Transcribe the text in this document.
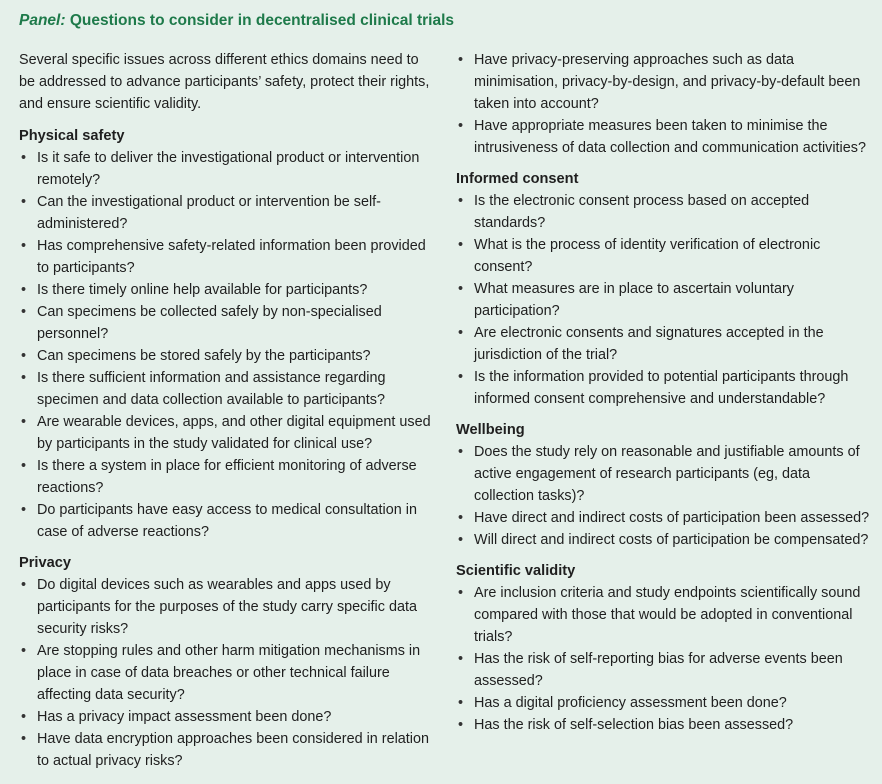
Panel: Questions to consider in decentralised clinical trials

Several specific issues across different ethics domains need to be addressed to advance participants’ safety, protect their rights, and ensure scientific validity.

Physical safety
• Is it safe to deliver the investigational product or intervention remotely?
• Can the investigational product or intervention be self-administered?
• Has comprehensive safety-related information been provided to participants?
• Is there timely online help available for participants?
• Can specimens be collected safely by non-specialised personnel?
• Can specimens be stored safely by the participants?
• Is there sufficient information and assistance regarding specimen and data collection available to participants?
• Are wearable devices, apps, and other digital equipment used by participants in the study validated for clinical use?
• Is there a system in place for efficient monitoring of adverse reactions?
• Do participants have easy access to medical consultation in case of adverse reactions?
Privacy
• Do digital devices such as wearables and apps used by participants for the purposes of the study carry specific data security risks?
• Are stopping rules and other harm mitigation mechanisms in place in case of data breaches or other technical failure affecting data security?
• Has a privacy impact assessment been done?
• Have data encryption approaches been considered in relation to actual privacy risks?
• Have privacy-preserving approaches such as data minimisation, privacy-by-design, and privacy-by-default been taken into account?
• Have appropriate measures been taken to minimise the intrusiveness of data collection and communication activities?
Informed consent
• Is the electronic consent process based on accepted standards?
• What is the process of identity verification of electronic consent?
• What measures are in place to ascertain voluntary participation?
• Are electronic consents and signatures accepted in the jurisdiction of the trial?
• Is the information provided to potential participants through informed consent comprehensive and understandable?
Wellbeing
• Does the study rely on reasonable and justifiable amounts of active engagement of research participants (eg, data collection tasks)?
• Have direct and indirect costs of participation been assessed?
• Will direct and indirect costs of participation be compensated?
Scientific validity
• Are inclusion criteria and study endpoints scientifically sound compared with those that would be adopted in conventional trials?
• Has the risk of self-reporting bias for adverse events been assessed?
• Has a digital proficiency assessment been done?
• Has the risk of self-selection bias been assessed?
